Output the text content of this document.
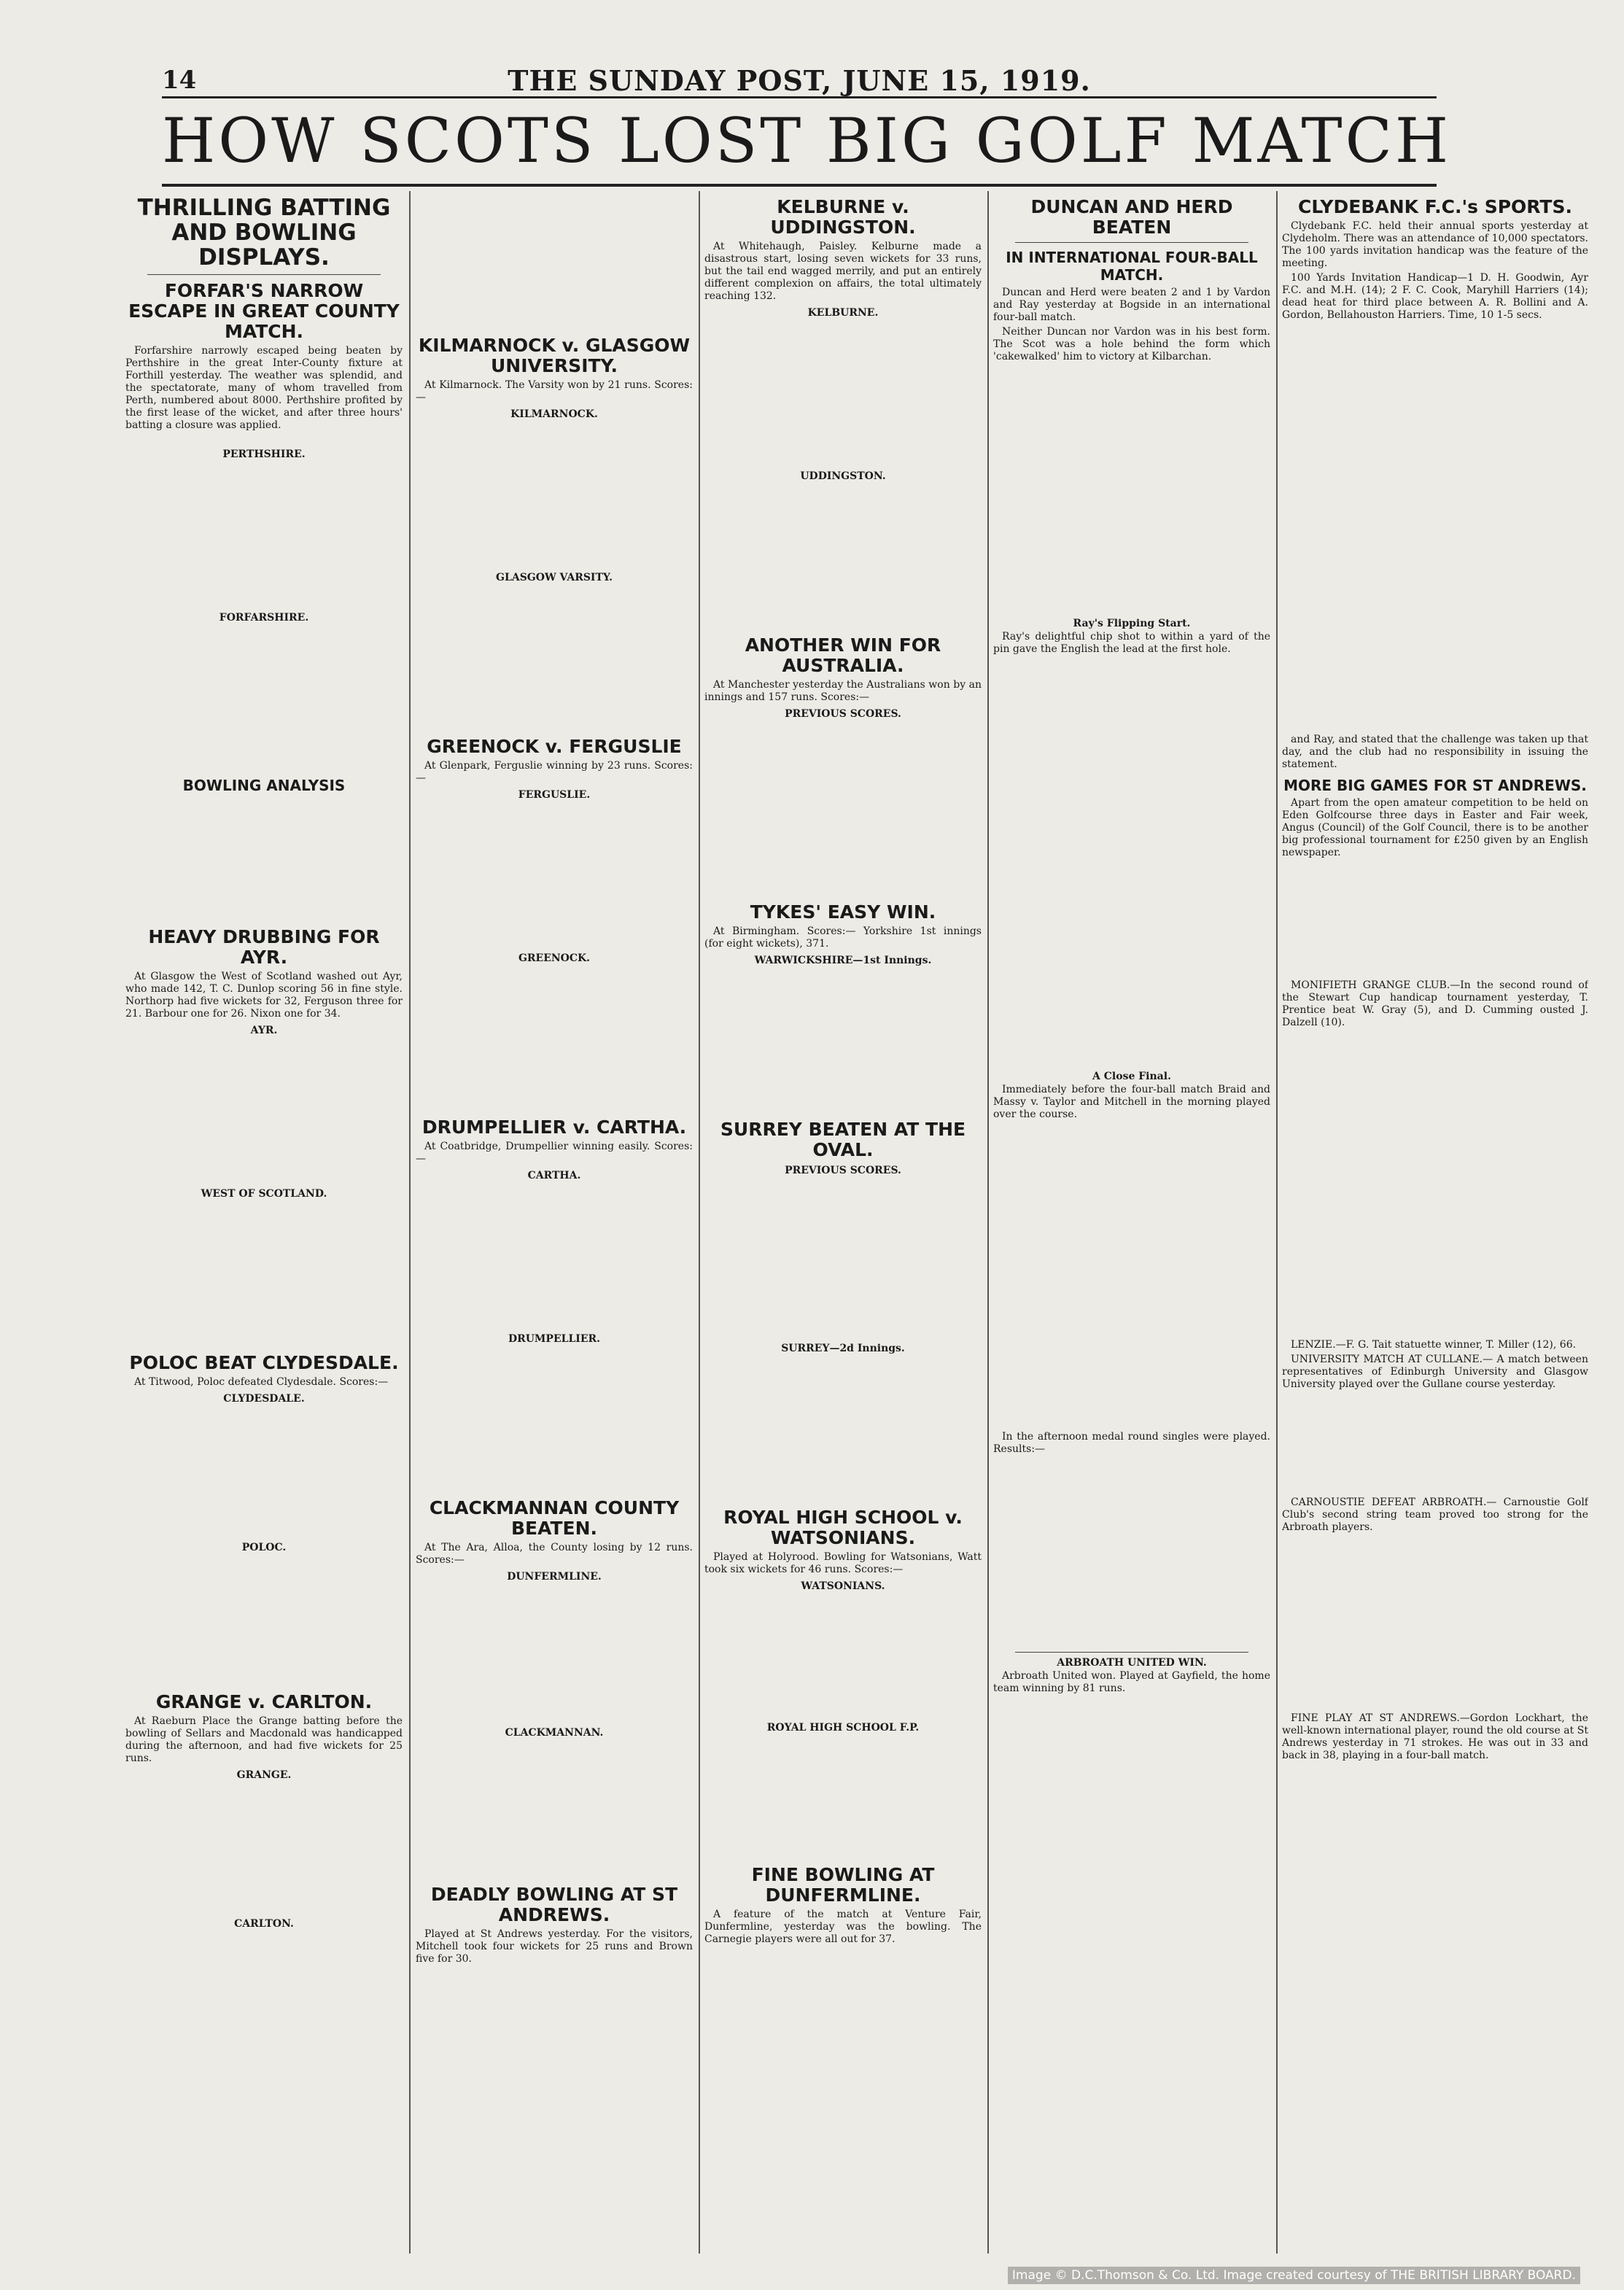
14	THE SUNDAY POST, JUNE 15, 1919.
HOW SCOTS LOST BIG GOLF MATCH
THRILLING BATTING AND BOWLING DISPLAYS.
FORFAR'S NARROW ESCAPE IN GREAT COUNTY MATCH.

Forfarshire narrowly escaped being beaten by Perthshire in the great Inter-County fixture at Forthill yesterday. The weather was splendid, and the spectatorate, many of whom travelled from Perth, numbered about 8000. Perthshire profited by the first lease of the wicket, and after three hours' batting a closure was applied.

PERTHSHIRE.
FORFARSHIRE.
BOWLING ANALYSIS
HEAVY DRUBBING FOR AYR.

At Glasgow the West of Scotland washed out Ayr, who made 142, T. C. Dunlop scoring 56 in fine style. Northorp had five wickets for 32, Ferguson three for 21. Barbour one for 26. Nixon one for 34.

AYR.
WEST OF SCOTLAND.
POLOC BEAT CLYDESDALE.

At Titwood, Poloc defeated Clydesdale. Scores:—

CLYDESDALE.
POLOC.
GRANGE v. CARLTON.

At Raeburn Place the Grange batting before the bowling of Sellars and Macdonald was handicapped during the afternoon, and had five wickets for 25 runs.

GRANGE.
CARLTON.
KILMARNOCK v. GLASGOW UNIVERSITY.

At Kilmarnock. The Varsity won by 21 runs. Scores:—

KILMARNOCK.
GLASGOW VARSITY.
GREENOCK v. FERGUSLIE

At Glenpark, Ferguslie winning by 23 runs. Scores:—

FERGUSLIE.
GREENOCK.
DRUMPELLIER v. CARTHA.

At Coatbridge, Drumpellier winning easily. Scores:—

CARTHA.
DRUMPELLIER.
CLACKMANNAN COUNTY BEATEN.

At The Ara, Alloa, the County losing by 12 runs. Scores:—

DUNFERMLINE.
CLACKMANNAN.
DEADLY BOWLING AT ST ANDREWS.

Played at St Andrews yesterday. For the visitors, Mitchell took four wickets for 25 runs and Brown five for 30.

KELBURNE v. UDDINGSTON.

At Whitehaugh, Paisley. Kelburne made a disastrous start, losing seven wickets for 33 runs, but the tail end wagged merrily, and put an entirely different complexion on affairs, the total ultimately reaching 132.

KELBURNE.
UDDINGSTON.
ANOTHER WIN FOR AUSTRALIA.

At Manchester yesterday the Australians won by an innings and 157 runs. Scores:—

PREVIOUS SCORES.
TYKES' EASY WIN.

At Birmingham. Scores:— Yorkshire 1st innings (for eight wickets), 371.

WARWICKSHIRE—1st Innings.
SURREY BEATEN AT THE OVAL.
PREVIOUS SCORES.
SURREY—2d Innings.
ROYAL HIGH SCHOOL v. WATSONIANS.

Played at Holyrood. Bowling for Watsonians, Watt took six wickets for 46 runs. Scores:—

WATSONIANS.
ROYAL HIGH SCHOOL F.P.
FINE BOWLING AT DUNFERMLINE.

A feature of the match at Venture Fair, Dunfermline, yesterday was the bowling. The Carnegie players were all out for 37.

DUNCAN AND HERD BEATEN
IN INTERNATIONAL FOUR-BALL MATCH.

Duncan and Herd were beaten 2 and 1 by Vardon and Ray yesterday at Bogside in an international four-ball match.

Neither Duncan nor Vardon was in his best form. The Scot was a hole behind the form which 'cakewalked' him to victory at Kilbarchan.

Ray's Flipping Start.

Ray's delightful chip shot to within a yard of the pin gave the English the lead at the first hole.

A Close Final.

Immediately before the four-ball match Braid and Massy v. Taylor and Mitchell in the morning played over the course.

In the afternoon medal round singles were played. Results:—

ARBROATH UNITED WIN.

Arbroath United won. Played at Gayfield, the home team winning by 81 runs.

CLYDEBANK F.C.'s SPORTS.

Clydebank F.C. held their annual sports yesterday at Clydeholm. There was an attendance of 10,000 spectators. The 100 yards invitation handicap was the feature of the meeting.

100 Yards Invitation Handicap—1 D. H. Goodwin, Ayr F.C. and M.H. (14); 2 F. C. Cook, Maryhill Harriers (14); dead heat for third place between A. R. Bollini and A. Gordon, Bellahouston Harriers. Time, 10 1-5 secs.

and Ray, and stated that the challenge was taken up that day, and the club had no responsibility in issuing the statement.

MORE BIG GAMES FOR ST ANDREWS.

Apart from the open amateur competition to be held on Eden Golfcourse three days in Easter and Fair week, Angus (Council) of the Golf Council, there is to be another big professional tournament for £250 given by an English newspaper.

MONIFIETH GRANGE CLUB.—In the second round of the Stewart Cup handicap tournament yesterday, T. Prentice beat W. Gray (5), and D. Cumming ousted J. Dalzell (10).

LENZIE.—F. G. Tait statuette winner, T. Miller (12), 66.

UNIVERSITY MATCH AT CULLANE.— A match between representatives of Edinburgh University and Glasgow University played over the Gullane course yesterday.

CARNOUSTIE DEFEAT ARBROATH.— Carnoustie Golf Club's second string team proved too strong for the Arbroath players.

FINE PLAY AT ST ANDREWS.—Gordon Lockhart, the well-known international player, round the old course at St Andrews yesterday in 71 strokes. He was out in 33 and back in 38, playing in a four-ball match.

Image © D.C.Thomson & Co. Ltd. Image created courtesy of THE BRITISH LIBRARY BOARD.
